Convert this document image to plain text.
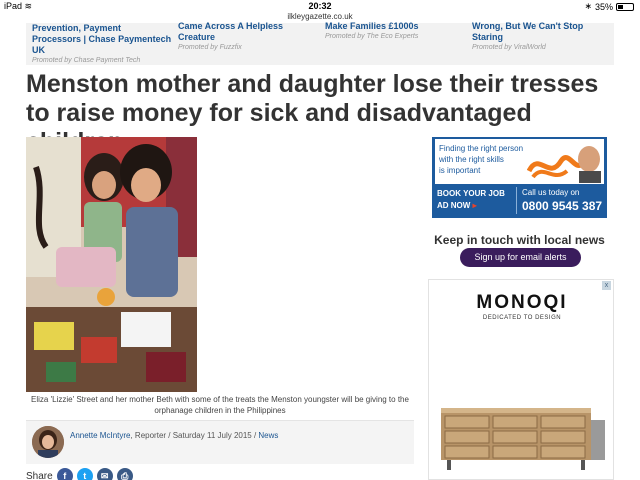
iPad ≋	20:32	∗ 35%
ilkleygazette.co.uk
Prevention, Payment Processors | Chase Paymentech UK
Promoted by Chase Payment Tech
Came Across A Helpless Creature
Promoted by Fuzzfix
Make Families £1000s
Promoted by The Eco Experts
Wrong, But We Can't Stop Staring
Promoted by ViralWorld
Menston mother and daughter lose their tresses to raise money for sick and disadvantaged
Eliza 'Lizzie' Street and her mother Beth with some of the treats the Menston youngster will be giving to the orphanage children in the Philippines
Annette McIntyre, Reporter / Saturday 11 July 2015 / News
Share	f	t	✉	⎙
Finding the right person
with the right skills
is important
BOOK YOUR JOB
AD NOW ▸
Call us today on
0800 9545 387
Keep in touch with local news
Sign up for email alerts
x
MONOQI
DEDICATED TO DESIGN
